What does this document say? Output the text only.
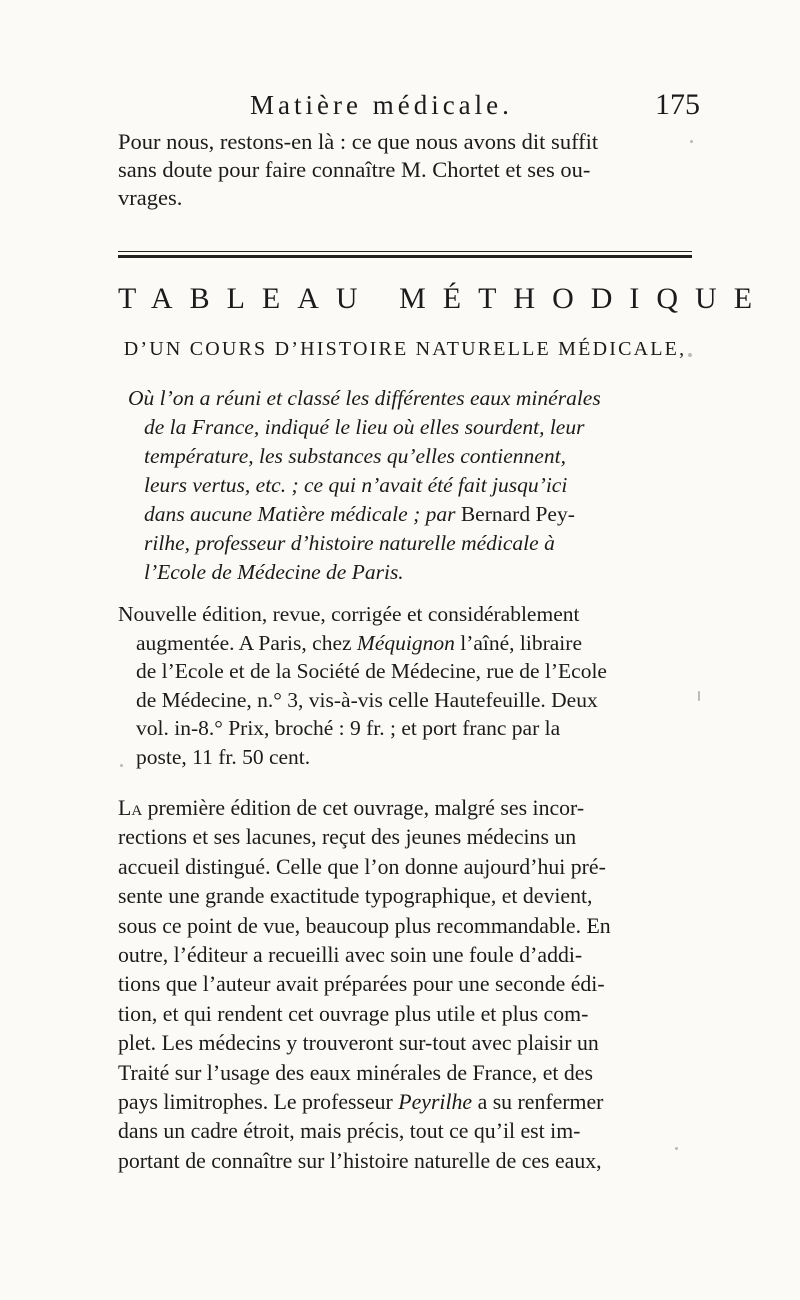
Matière médicale.	175
Pour nous, restons-en là : ce que nous avons dit suffit
sans doute pour faire connaître M. Chortet et ses ou-
vrages.
TABLEAU MÉTHODIQUE
D’UN COURS D’HISTOIRE NATURELLE MÉDICALE,
Où l’on a réuni et classé les différentes eaux minérales
de la France, indiqué le lieu où elles sourdent, leur
température, les substances qu’elles contiennent,
leurs vertus, etc. ; ce qui n’avait été fait jusqu’ici
dans aucune Matière médicale ; par Bernard Pey-
rilhe, professeur d’histoire naturelle médicale à
l’Ecole de Médecine de Paris.
Nouvelle édition, revue, corrigée et considérablement
augmentée. A Paris, chez Méquignon l’aîné, libraire
de l’Ecole et de la Société de Médecine, rue de l’Ecole
de Médecine, n.° 3, vis-à-vis celle Hautefeuille. Deux
vol. in-8.° Prix, broché : 9 fr. ; et port franc par la
poste, 11 fr. 50 cent.
La première édition de cet ouvrage, malgré ses incor-
rections et ses lacunes, reçut des jeunes médecins un
accueil distingué. Celle que l’on donne aujourd’hui pré-
sente une grande exactitude typographique, et devient,
sous ce point de vue, beaucoup plus recommandable. En
outre, l’éditeur a recueilli avec soin une foule d’addi-
tions que l’auteur avait préparées pour une seconde édi-
tion, et qui rendent cet ouvrage plus utile et plus com-
plet. Les médecins y trouveront sur-tout avec plaisir un
Traité sur l’usage des eaux minérales de France, et des
pays limitrophes. Le professeur Peyrilhe a su renfermer
dans un cadre étroit, mais précis, tout ce qu’il est im-
portant de connaître sur l’histoire naturelle de ces eaux,
